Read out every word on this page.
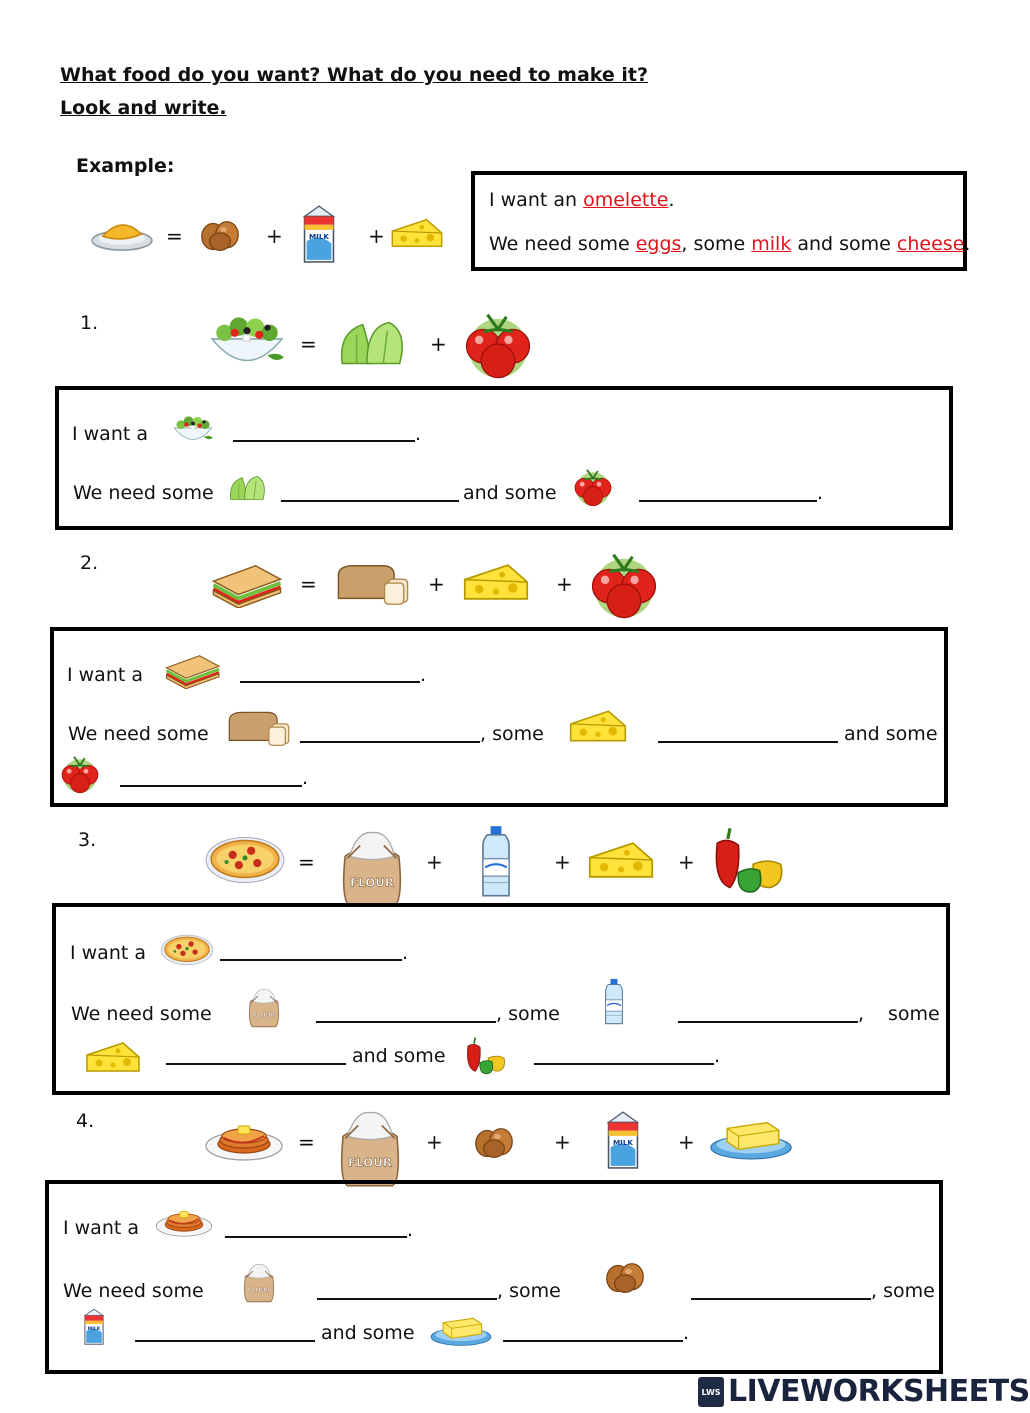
What food do you want? What do you need to make it?
Look and write.
Example:
=	+	+
I want an omelette.
We need some eggs, some milk and some cheese.
1.
=	+
I want a	.
We need some	and some	.
2.
=	+	+
I want a	.
We need some	, some	and some
.
3.
=	+	+	+
I want a	.
We need some	, some	, some
and some	.
4.
=	+	+	+
I want a	.
We need some	, some	, some
and some	.
LWS LIVEWORKSHEETS
